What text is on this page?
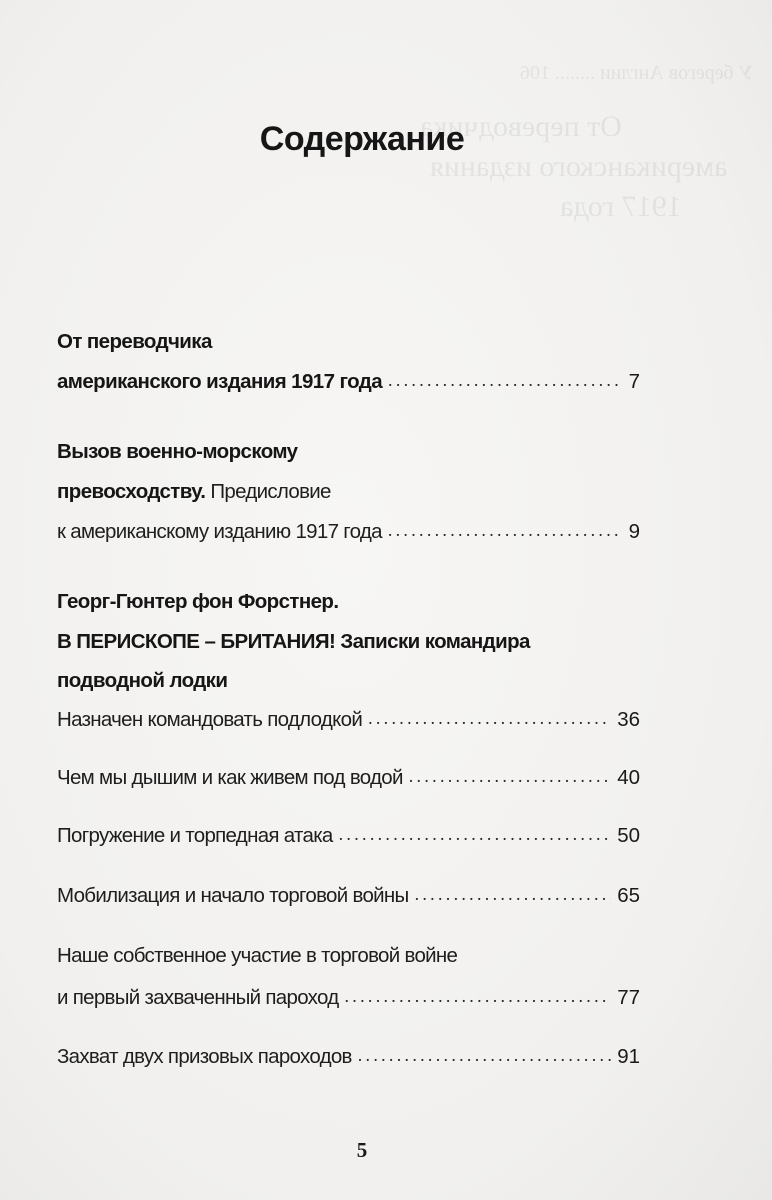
У берегов Англии ........ 106
От переводчика
американского издания
1917 года
Содержание
От переводчика
американского издания 1917 года . . .	7
Вызов военно-морскому
превосходству. Предисловие
к американскому изданию 1917 года . . .	9
Георг-Гюнтер фон Форстнер.
В ПЕРИСКОПЕ – БРИТАНИЯ! Записки командира
подводной лодки
Назначен командовать подлодкой . . .	36
Чем мы дышим и как живем под водой . . .	40
Погружение и торпедная атака . . .	50
Мобилизация и начало торговой войны . . .	65
Наше собственное участие в торговой войне
и первый захваченный пароход . . .	77
Захват двух призовых пароходов . . .	91
5
